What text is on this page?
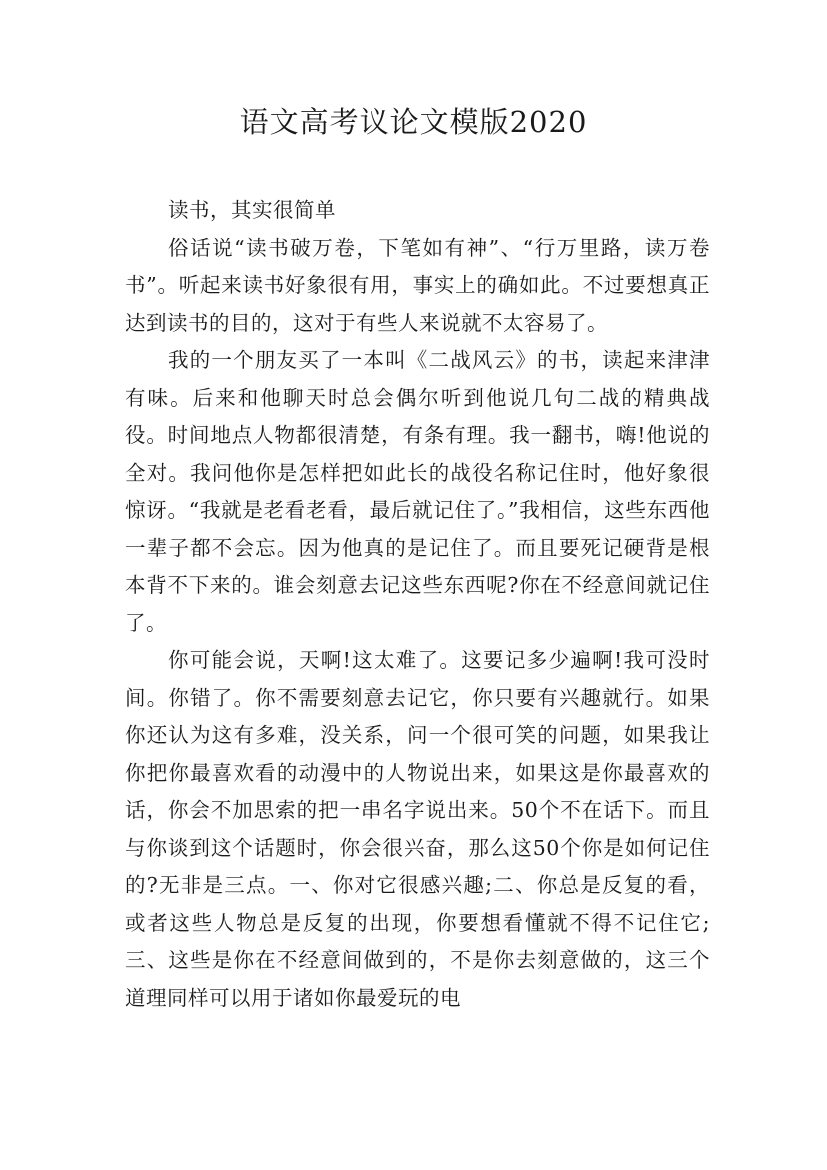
语文高考议论文模版2020

读书，其实很简单

俗话说“读书破万卷，下笔如有神”、“行万里路，读万卷书”。听起来读书好象很有用，事实上的确如此。不过要想真正达到读书的目的，这对于有些人来说就不太容易了。

我的一个朋友买了一本叫《二战风云》的书，读起来津津有味。后来和他聊天时总会偶尔听到他说几句二战的精典战役。时间地点人物都很清楚，有条有理。我一翻书，嗨!他说的全对。我问他你是怎样把如此长的战役名称记住时，他好象很惊讶。“我就是老看老看，最后就记住了。”我相信，这些东西他一辈子都不会忘。因为他真的是记住了。而且要死记硬背是根本背不下来的。谁会刻意去记这些东西呢?你在不经意间就记住了。

你可能会说，天啊!这太难了。这要记多少遍啊!我可没时间。你错了。你不需要刻意去记它，你只要有兴趣就行。如果你还认为这有多难，没关系，问一个很可笑的问题，如果我让你把你最喜欢看的动漫中的人物说出来，如果这是你最喜欢的话，你会不加思索的把一串名字说出来。50个不在话下。而且与你谈到这个话题时，你会很兴奋，那么这50个你是如何记住的?无非是三点。一、你对它很感兴趣;二、你总是反复的看，或者这些人物总是反复的出现，你要想看懂就不得不记住它;三、这些是你在不经意间做到的，不是你去刻意做的，这三个道理同样可以用于诸如你最爱玩的电
